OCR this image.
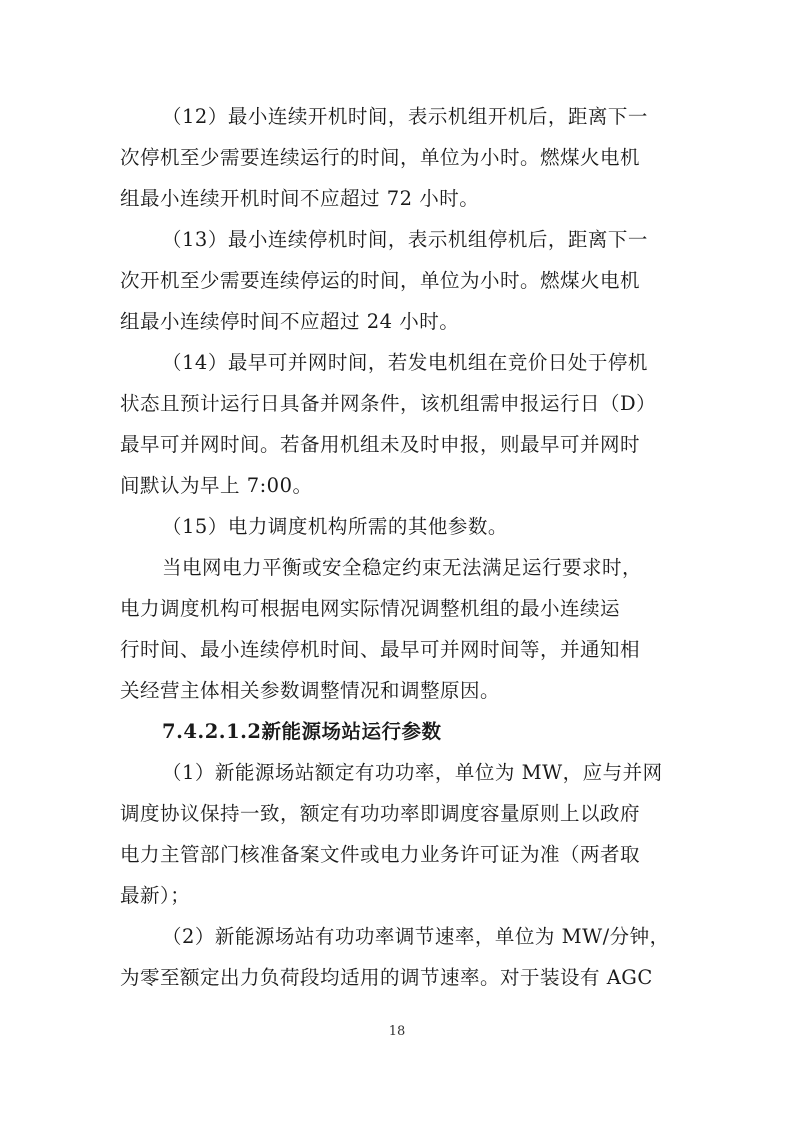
（12）最小连续开机时间，表示机组开机后，距离下一
次停机至少需要连续运行的时间，单位为小时。燃煤火电机
组最小连续开机时间不应超过 72 小时。
（13）最小连续停机时间，表示机组停机后，距离下一
次开机至少需要连续停运的时间，单位为小时。燃煤火电机
组最小连续停时间不应超过 24 小时。
（14）最早可并网时间，若发电机组在竞价日处于停机
状态且预计运行日具备并网条件，该机组需申报运行日（D）
最早可并网时间。若备用机组未及时申报，则最早可并网时
间默认为早上 7:00。
（15）电力调度机构所需的其他参数。
当电网电力平衡或安全稳定约束无法满足运行要求时，
电力调度机构可根据电网实际情况调整机组的最小连续运
行时间、最小连续停机时间、最早可并网时间等，并通知相
关经营主体相关参数调整情况和调整原因。
7.4.2.1.2新能源场站运行参数
（1）新能源场站额定有功功率，单位为 MW，应与并网
调度协议保持一致，额定有功功率即调度容量原则上以政府
电力主管部门核准备案文件或电力业务许可证为准（两者取
最新）；
（2）新能源场站有功功率调节速率，单位为 MW/分钟，
为零至额定出力负荷段均适用的调节速率。对于装设有 AGC
18
